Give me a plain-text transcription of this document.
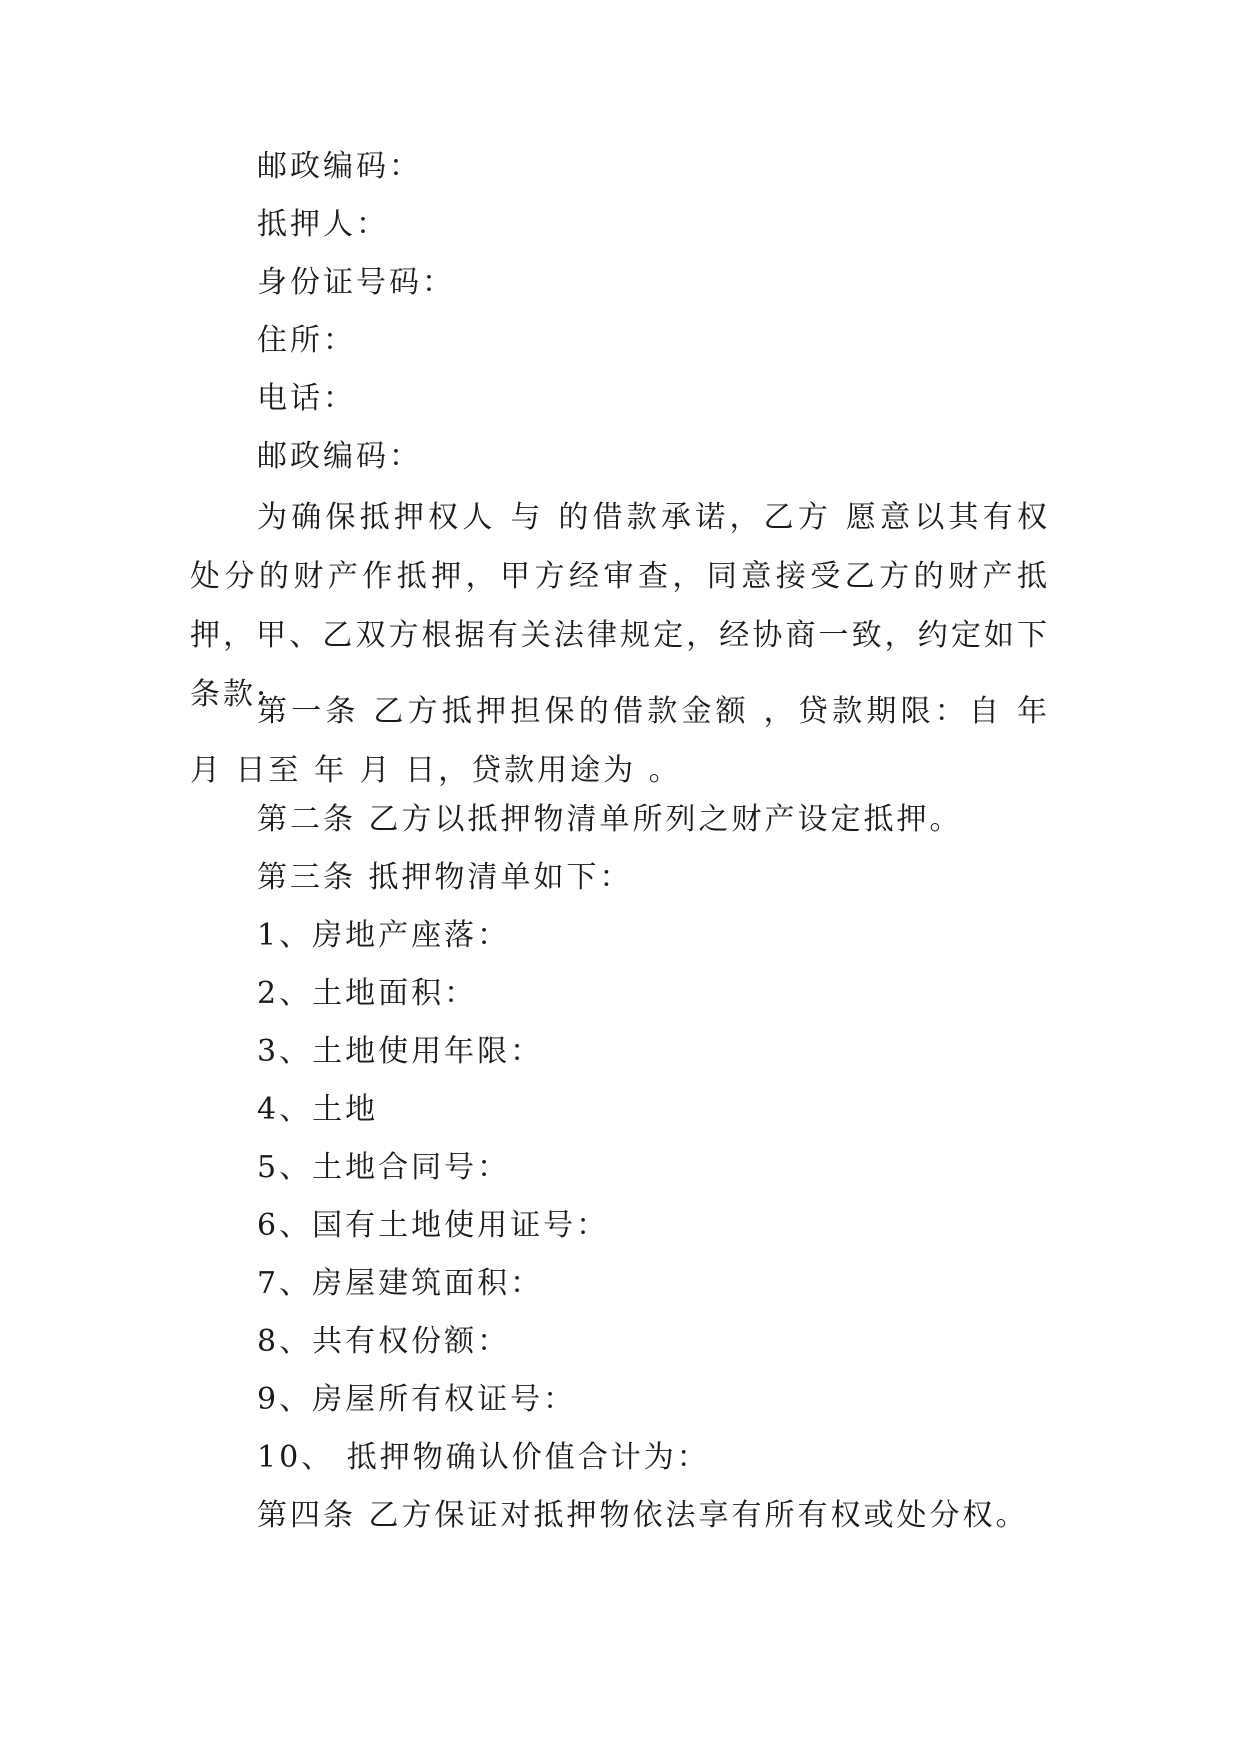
邮政编码：
抵押人：
身份证号码：
住所：
电话：
邮政编码：
为确保抵押权人 与 的借款承诺，乙方 愿意以其有权处分的财产作抵押，甲方经审查，同意接受乙方的财产抵押，甲、乙双方根据有关法律规定，经协商一致，约定如下条款:
第一条 乙方抵押担保的借款金额 ，贷款期限：自 年 月 日至 年 月 日，贷款用途为 。
第二条 乙方以抵押物清单所列之财产设定抵押。
第三条 抵押物清单如下：
1、房地产座落：
2、土地面积：
3、土地使用年限：
4、土地
5、土地合同号：
6、国有土地使用证号：
7、房屋建筑面积：
8、共有权份额：
9、房屋所有权证号：
10、 抵押物确认价值合计为：
第四条 乙方保证对抵押物依法享有所有权或处分权。
